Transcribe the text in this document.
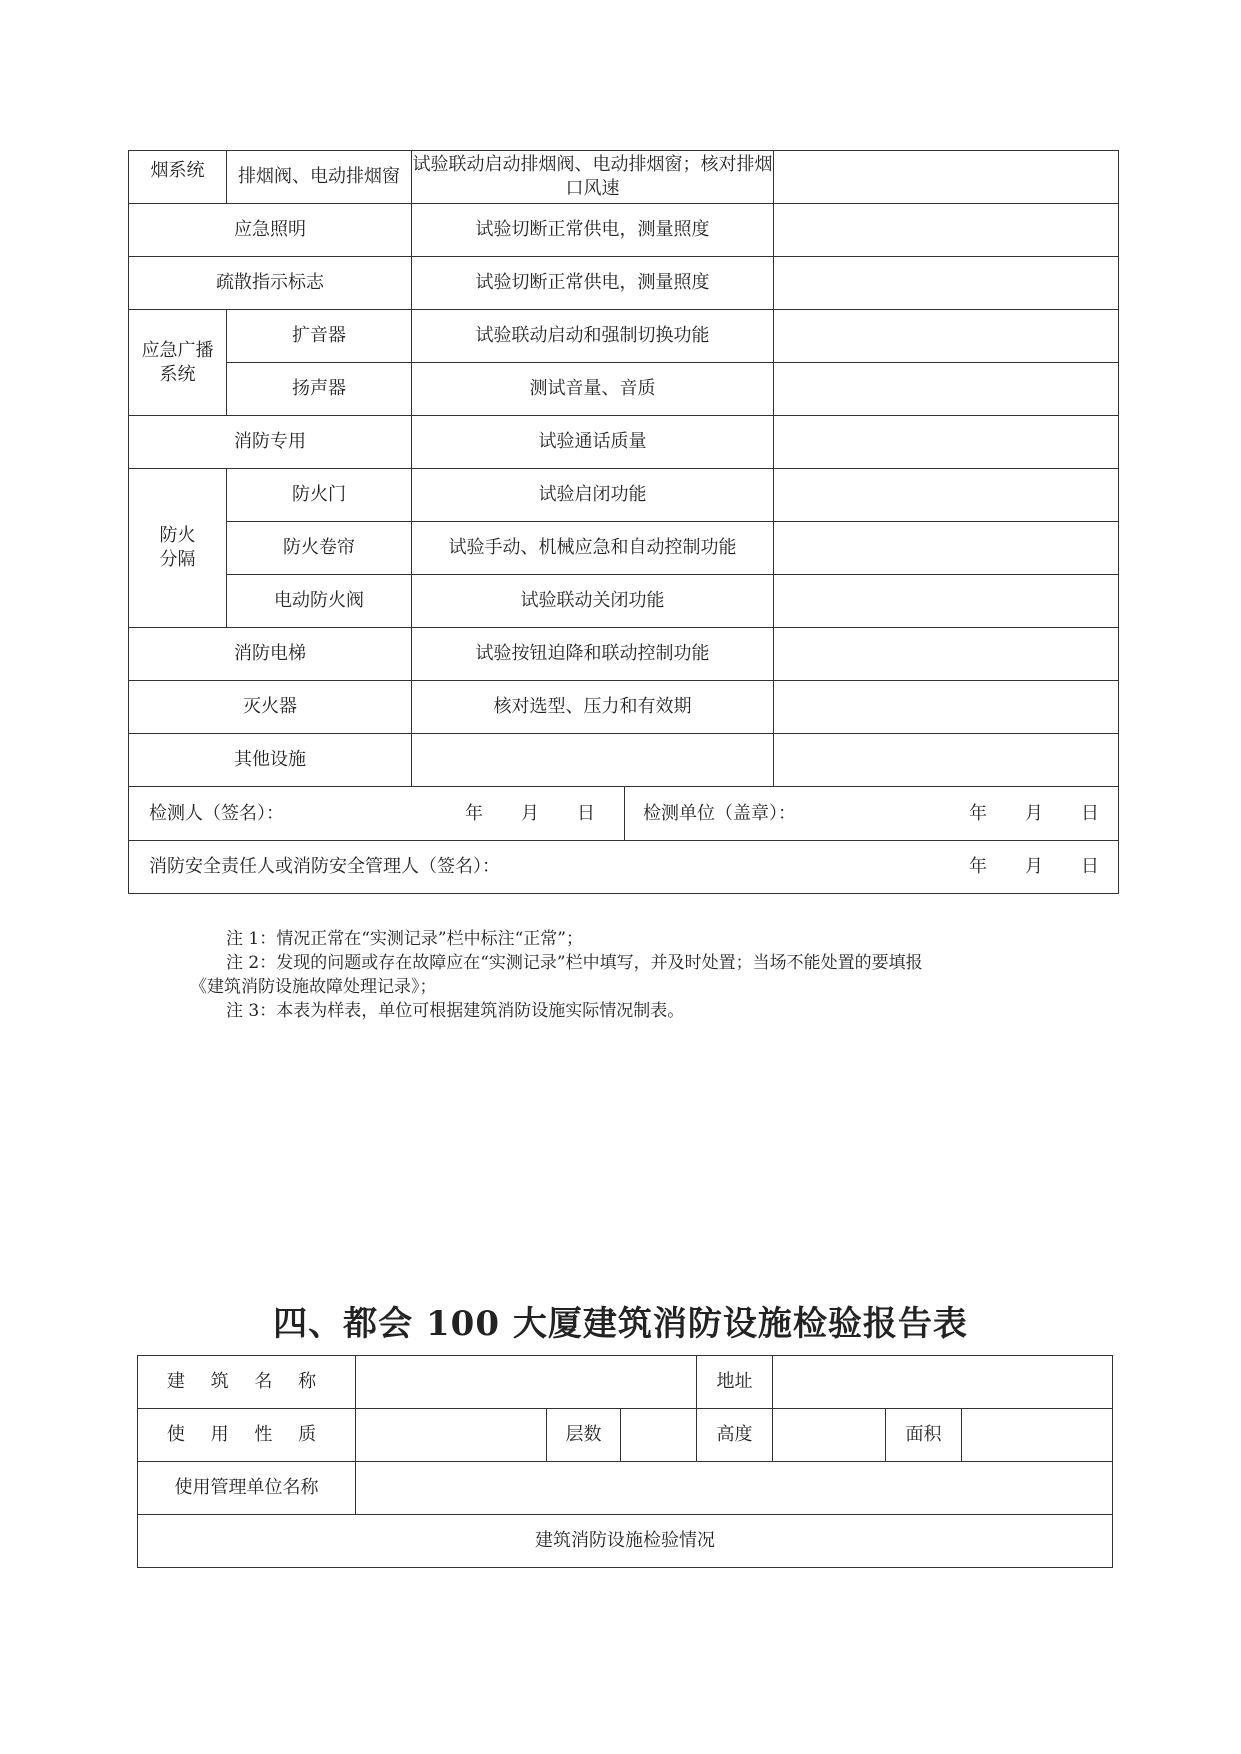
烟系统	排烟阀、电动排烟窗	试验联动启动排烟阀、电动排烟窗；核对排烟口风速	
应急照明		试验切断正常供电，测量照度	
疏散指示标志		试验切断正常供电，测量照度	
应急广播系统	扩音器	试验联动启动和强制切换功能	
	扬声器	测试音量、音质	
消防专用		试验通话质量	
防火分隔	防火门	试验启闭功能	
	防火卷帘	试验手动、机械应急和自动控制功能	
	电动防火阀	试验联动关闭功能	
消防电梯		试验按钮迫降和联动控制功能	
灭火器		核对选型、压力和有效期	
其他设施			

检测人（签名）： 年 月 日 检测单位（盖章）： 年 月 日			

消防安全责任人或消防安全管理人（签名）： 年 月 日			
注 1：情况正常在“实测记录”栏中标注“正常”；
注 2：发现的问题或存在故障应在“实测记录”栏中填写，并及时处置；当场不能处置的要填报
《建筑消防设施故障处理记录》；
注 3：本表为样表，单位可根据建筑消防设施实际情况制表。
四、都会 100 大厦建筑消防设施检验报告表
建 筑 名 称				地址			
使 用 性 质		层数		高度		面积	
使用管理单位名称							
建筑消防设施检验情况							
